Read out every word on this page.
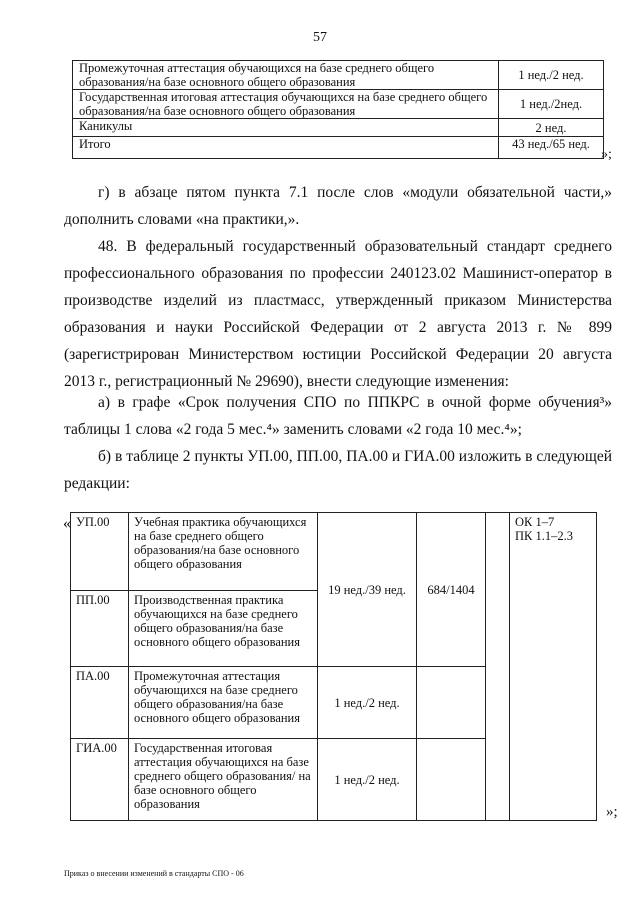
57
Промежуточная аттестация обучающихся на базе среднего общего образования/на базе основного общего образования	1 нед./2 нед.
Государственная итоговая аттестация обучающихся на базе среднего общего образования/на базе основного общего образования	1 нед./2нед.
Каникулы	2 нед.
Итого	43 нед./65 нед.
»;
г) в абзаце пятом пункта 7.1 после слов «модули обязательной части,» дополнить словами «на практики,».
48. В федеральный государственный образовательный стандарт среднего профессионального образования по профессии 240123.02 Машинист-оператор в производстве изделий из пластмасс, утвержденный приказом Министерства образования и науки Российской Федерации от 2 августа 2013 г. № 899 (зарегистрирован Министерством юстиции Российской Федерации 20 августа 2013 г., регистрационный № 29690), внести следующие изменения:
а) в графе «Срок получения СПО по ППКРС в очной форме обучения³» таблицы 1 слова «2 года 5 мес.⁴» заменить словами «2 года 10 мес.⁴»;
б) в таблице 2 пункты УП.00, ПП.00, ПА.00 и ГИА.00 изложить в следующей редакции:
« УП.00	Учебная практика обучающихся на базе среднего общего образования/на базе основного общего образования	19 нед./39 нед.	684/1404		ОК 1–7
ПК 1.1–2.3

ПП.00	Производственная практика обучающихся на базе среднего общего образования/на базе основного общего образования				
ПА.00	Промежуточная аттестация обучающихся на базе среднего общего образования/на базе основного общего образования	1 нед./2 нед.			
ГИА.00	Государственная итоговая аттестация обучающихся на базе среднего общего образования/ на базе основного общего образования	1 нед./2 нед.			
»;
Приказ о внесении изменений в стандарты СПО - 06
